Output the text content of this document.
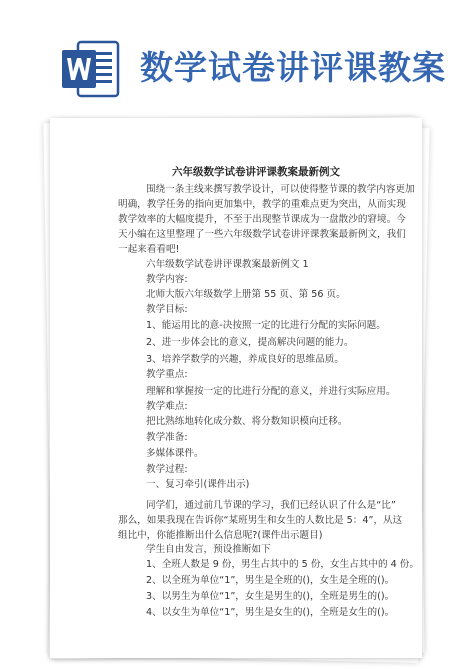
数学试卷讲评课教案
六年级数学试卷讲评课教案最新例文
围绕一条主线来撰写教学设计，可以使得整节课的教学内容更加
明确，教学任务的指向更加集中，教学的重难点更为突出，从而实现
教学效率的大幅度提升，不至于出现整节课成为一盘散沙的窘境。今
天小编在这里整理了一些六年级数学试卷讲评课教案最新例文，我们
一起来看看吧!
六年级数学试卷讲评课教案最新例文 1
教学内容:
北师大版六年级数学上册第 55 页、第 56 页。
教学目标:
1、能运用比的意-决按照一定的比进行分配的实际问题。
2、进一步体会比的意义，提高解决问题的能力。
3、培养学数学的兴趣，养成良好的思维品质。
教学重点:
理解和掌握按一定的比进行分配的意义，并进行实际应用。
教学难点:
把比熟练地转化成分数、将分数知识模向迁移。
教学准备:
多媒体课件。
教学过程:
一、复习牵引(课件出示)
同学们，通过前几节课的学习，我们已经认识了什么是“比”
那么，如果我现在告诉你“某班男生和女生的人数比是 5：4”，从这
组比中，你能推断出什么信息呢?(课件出示题目)
学生自由发言，预设推断如下
1、全班人数是 9 份，男生占其中的 5 份，女生占其中的 4 份。
2、以全班为单位“1”，男生是全班的()，女生是全班的()。
3、以男生为单位“1”，女生是男生的()，全班是男生的()。
4、以女生为单位“1”，男生是女生的()，全班是女生的()。
